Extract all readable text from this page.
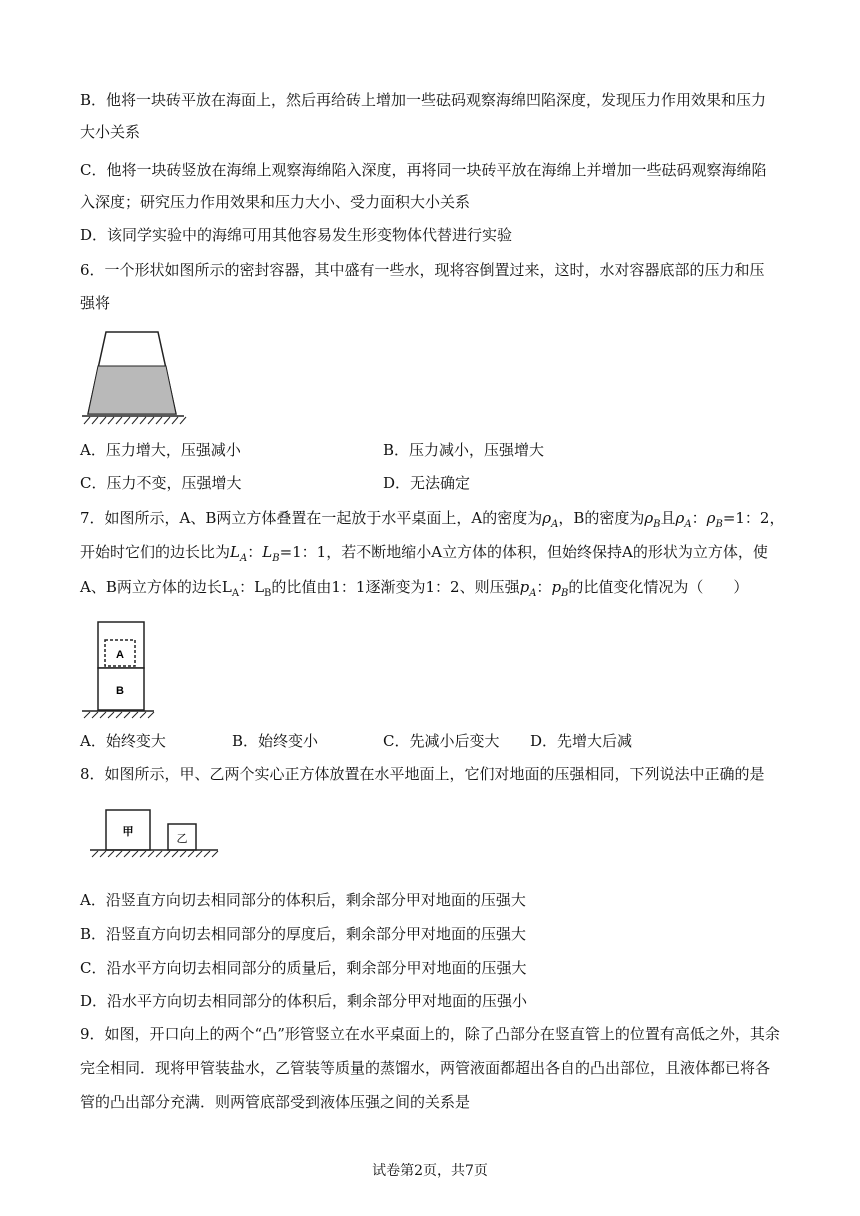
B．他将一块砖平放在海面上，然后再给砖上增加一些砝码观察海绵凹陷深度，发现压力作用效果和压力
大小关系
C．他将一块砖竖放在海绵上观察海绵陷入深度，再将同一块砖平放在海绵上并增加一些砝码观察海绵陷
入深度；研究压力作用效果和压力大小、受力面积大小关系
D．该同学实验中的海绵可用其他容易发生形变物体代替进行实验
6．一个形状如图所示的密封容器，其中盛有一些水，现将容倒置过来，这时，水对容器底部的压力和压
强将
A．压力增大，压强减小	B．压力减小，压强增大
C．压力不变，压强增大	D．无法确定
7．如图所示，A、B两立方体叠置在一起放于水平桌面上，A的密度为$\rho_A$，B的密度为$\rho_B$且$\rho_A$：$\rho_B=1$：2，
开始时它们的边长比为$L_A$：$L_B=1$：1，若不断地缩小A立方体的体积，但始终保持A的形状为立方体，使
A、B两立方体的边长$L_A$：$L_B$的比值由1：1逐渐变为1：2、则压强$p_A$：$p_B$的比值变化情况为（　　）
A
B
A．始终变大	B．始终变小	C．先减小后变大 D．先增大后减
8．如图所示，甲、乙两个实心正方体放置在水平地面上，它们对地面的压强相同，下列说法中正确的是
甲
乙
A．沿竖直方向切去相同部分的体积后，剩余部分甲对地面的压强大
B．沿竖直方向切去相同部分的厚度后，剩余部分甲对地面的压强大
C．沿水平方向切去相同部分的质量后，剩余部分甲对地面的压强大
D．沿水平方向切去相同部分的体积后，剩余部分甲对地面的压强小
9．如图，开口向上的两个“凸”形管竖立在水平桌面上的，除了凸部分在竖直管上的位置有高低之外，其余
完全相同．现将甲管装盐水，乙管装等质量的蒸馏水，两管液面都超出各自的凸出部位，且液体都已将各
管的凸出部分充满．则两管底部受到液体压强之间的关系是
试卷第2页，共7页
